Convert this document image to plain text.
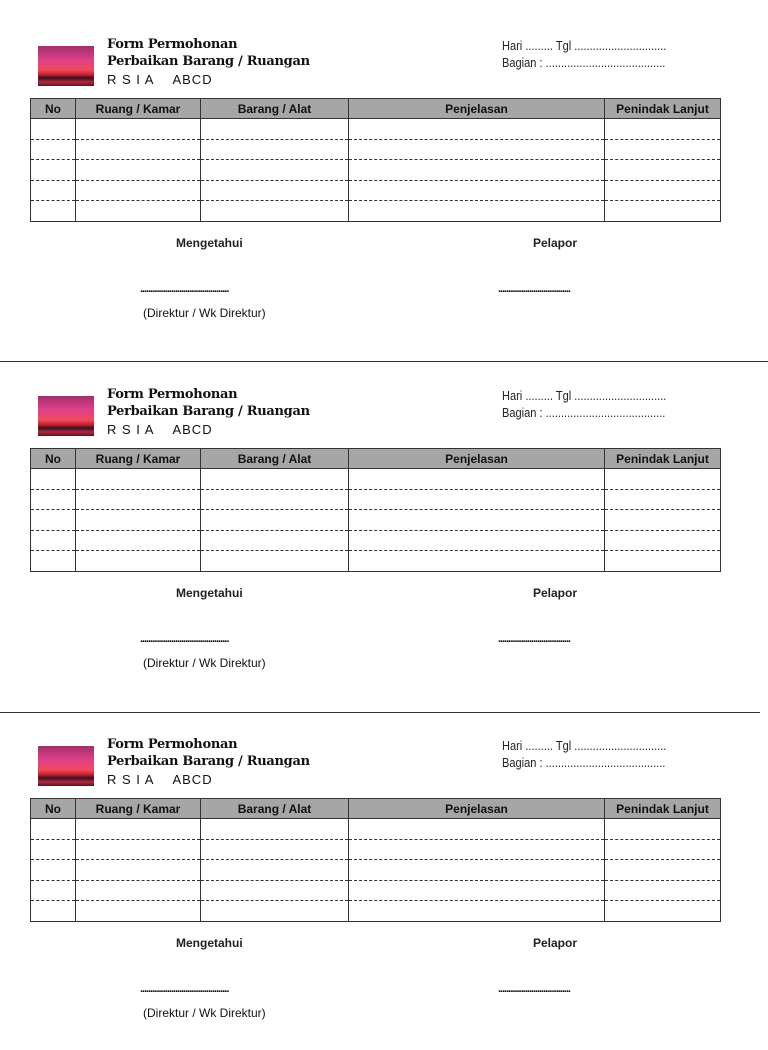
Form Permohonan
Perbaikan Barang / Ruangan
R S I A ABCD
Hari ......... Tgl ..............................
Bagian : .......................................
No	Ruang / Kamar	Barang / Alat	Penjelasan	Penindak Lanjut

Mengetahui	Pelapor
...........................................	...................................
(Direktur / Wk Direktur)
Form Permohonan
Perbaikan Barang / Ruangan
R S I A ABCD
Hari ......... Tgl ..............................
Bagian : .......................................
No	Ruang / Kamar	Barang / Alat	Penjelasan	Penindak Lanjut

Mengetahui	Pelapor
...........................................	...................................
(Direktur / Wk Direktur)
Form Permohonan
Perbaikan Barang / Ruangan
R S I A ABCD
Hari ......... Tgl ..............................
Bagian : .......................................
No	Ruang / Kamar	Barang / Alat	Penjelasan	Penindak Lanjut

Mengetahui	Pelapor
...........................................	...................................
(Direktur / Wk Direktur)
